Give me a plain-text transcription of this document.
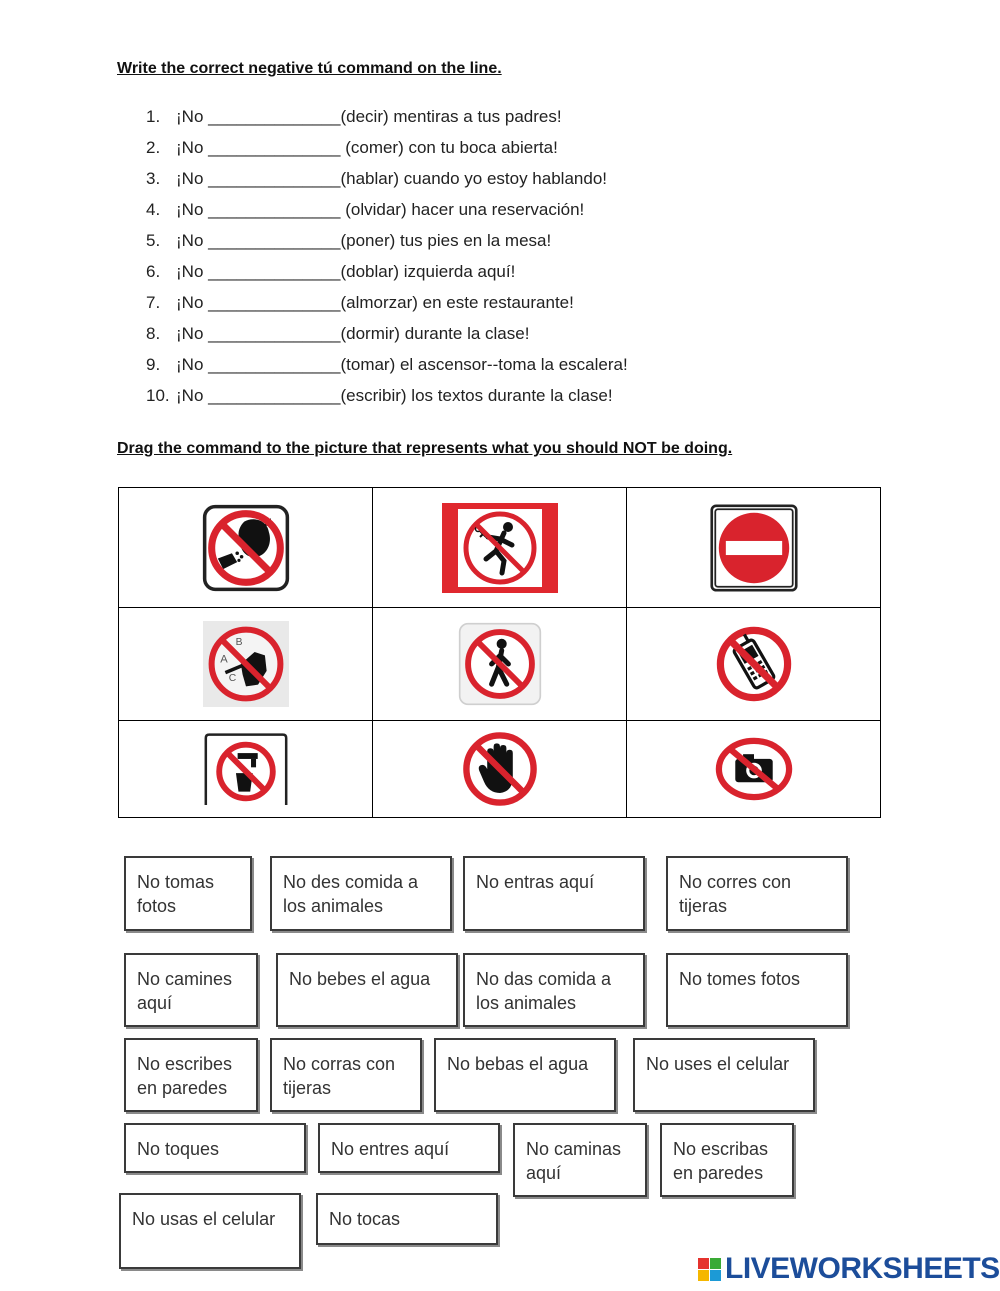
Write the correct negative tú command on the line.
1. ¡No ______________(decir) mentiras a tus padres!
2. ¡No ______________ (comer) con tu boca abierta!
3. ¡No ______________(hablar) cuando yo estoy hablando!
4. ¡No ______________ (olvidar) hacer una reservación!
5. ¡No ______________(poner) tus pies en la mesa!
6. ¡No ______________(doblar) izquierda aquí!
7. ¡No ______________(almorzar) en este restaurante!
8. ¡No ______________(dormir) durante la clase!
9. ¡No ______________(tomar) el ascensor--toma la escalera!
10. ¡No ______________(escribir) los textos durante la clase!
Drag the command to the picture that represents what you should NOT be doing.

A
B
C

No tomas fotos
No des comida a los animales
No entras aquí	No corres con tijeras
No camines aquí
No bebes el agua	No das comida a los animales
No tomes fotos
No escribes en paredes
No corras con tijeras
No bebas el agua	No uses el celular
No toques	No entres aquí	No caminas aquí
No escribas en paredes
No usas el celular	No tocas
LIVEWORKSHEETS
